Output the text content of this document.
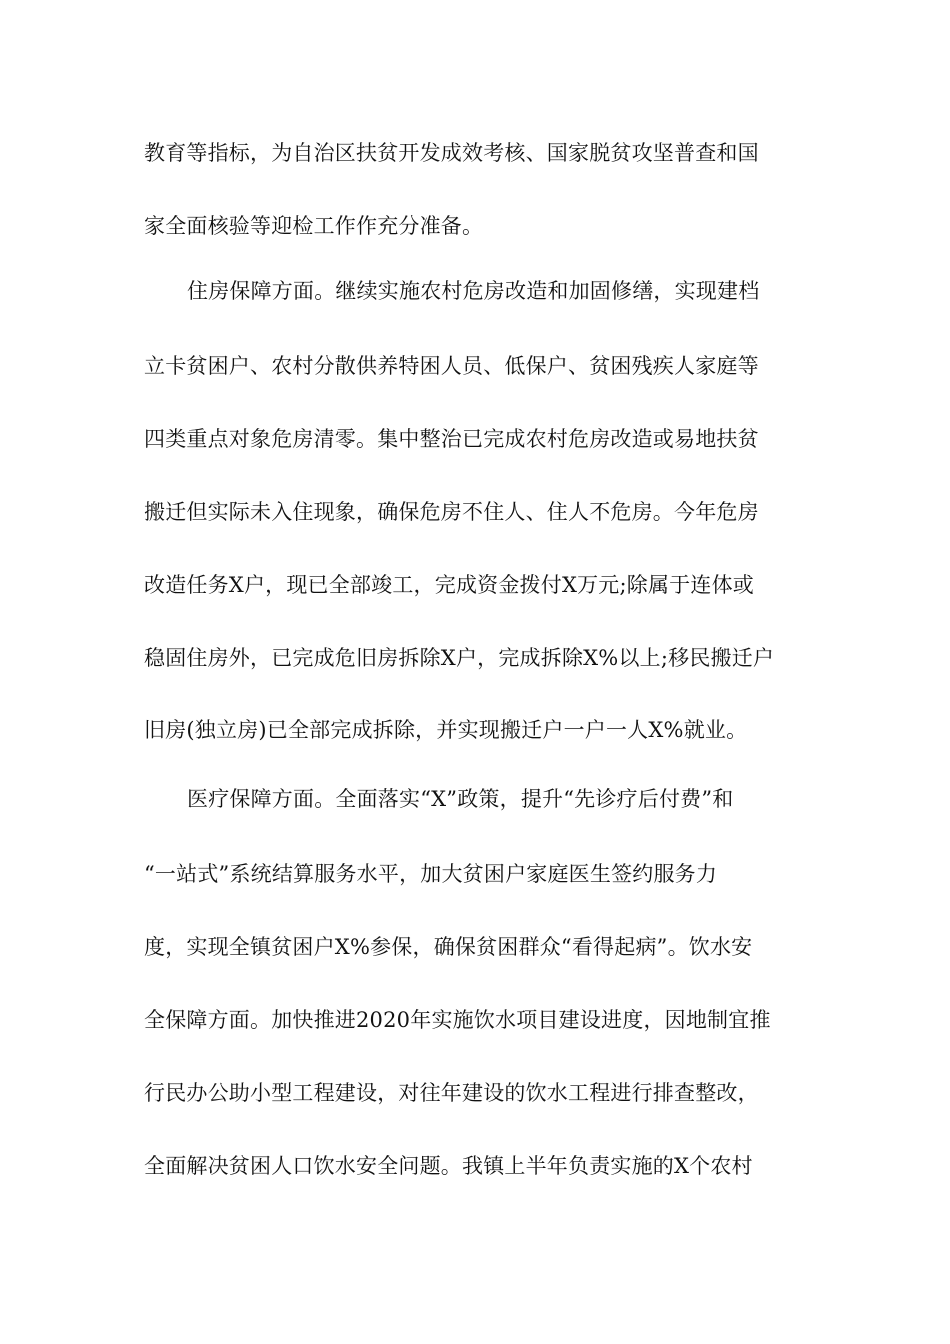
教育等指标，为自治区扶贫开发成效考核、国家脱贫攻坚普查和国
家全面核验等迎检工作作充分准备。
住房保障方面。继续实施农村危房改造和加固修缮，实现建档
立卡贫困户、农村分散供养特困人员、低保户、贫困残疾人家庭等
四类重点对象危房清零。集中整治已完成农村危房改造或易地扶贫
搬迁但实际未入住现象，确保危房不住人、住人不危房。今年危房
改造任务X户，现已全部竣工，完成资金拨付X万元;除属于连体或
稳固住房外，已完成危旧房拆除X户，完成拆除X%以上;移民搬迁户
旧房(独立房)已全部完成拆除，并实现搬迁户一户一人X%就业。
医疗保障方面。全面落实“X”政策，提升“先诊疗后付费”和
“一站式”系统结算服务水平，加大贫困户家庭医生签约服务力
度，实现全镇贫困户X%参保，确保贫困群众“看得起病”。饮水安
全保障方面。加快推进2020年实施饮水项目建设进度，因地制宜推
行民办公助小型工程建设，对往年建设的饮水工程进行排查整改，
全面解决贫困人口饮水安全问题。我镇上半年负责实施的X个农村
